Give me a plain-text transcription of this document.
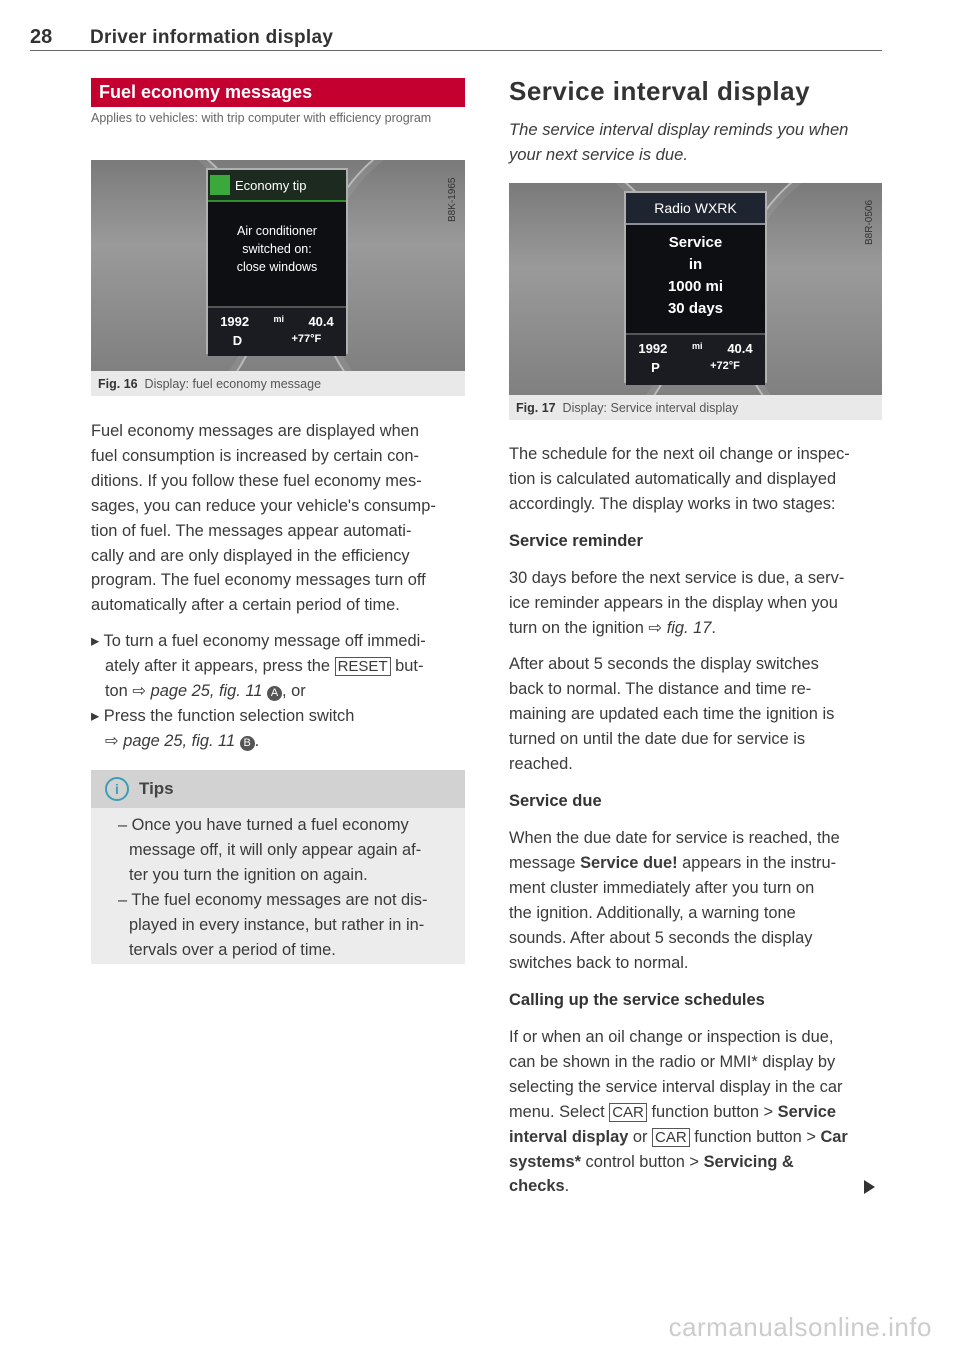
28 Driver information display
Fuel economy messages
Applies to vehicles: with trip computer with efficiency program
Economy tip
Air conditioner
switched on:
close windows
1992	mi 40.4
D	+77°F
B8K-1965
Fig. 16 Display: fuel economy message

Fuel economy messages are displayed when

fuel consumption is increased by certain con-

ditions. If you follow these fuel economy mes-

sages, you can reduce your vehicle's consump-

tion of fuel. The messages appear automati-

cally and are only displayed in the efficiency

program. The fuel economy messages turn off

automatically after a certain period of time.

▸ To turn a fuel economy message off immedi-
ately after it appears, press the RESET but-
ton ⇨ page 25, fig. 11 A , or
▸ Press the function selection switch
⇨ page 25, fig. 11 B .
i	Tips

– Once you have turned a fuel economy

message off, it will only appear again af-

ter you turn the ignition on again.

– The fuel economy messages are not dis-

played in every instance, but rather in in-

tervals over a period of time.

Service interval display

The service interval display reminds you when

your next service is due.

Radio WXRK
Service
in
1000 mi
30 days
1992	mi 40.4
P	+72°F
B8R-0506
Fig. 17 Display: Service interval display

The schedule for the next oil change or inspec-

tion is calculated automatically and displayed

accordingly. The display works in two stages:

Service reminder

30 days before the next service is due, a serv-

ice reminder appears in the display when you

turn on the ignition ⇨ fig. 17.

After about 5 seconds the display switches

back to normal. The distance and time re-

maining are updated each time the ignition is

turned on until the date due for service is

reached.

Service due

When the due date for service is reached, the

message Service due! appears in the instru-

ment cluster immediately after you turn on

the ignition. Additionally, a warning tone

sounds. After about 5 seconds the display

switches back to normal.

Calling up the service schedules

If or when an oil change or inspection is due,

can be shown in the radio or MMI* display by

selecting the service interval display in the car

menu. Select CAR function button > Service

interval display or CAR function button > Car

systems* control button > Servicing &

checks.

carmanualsonline.info
